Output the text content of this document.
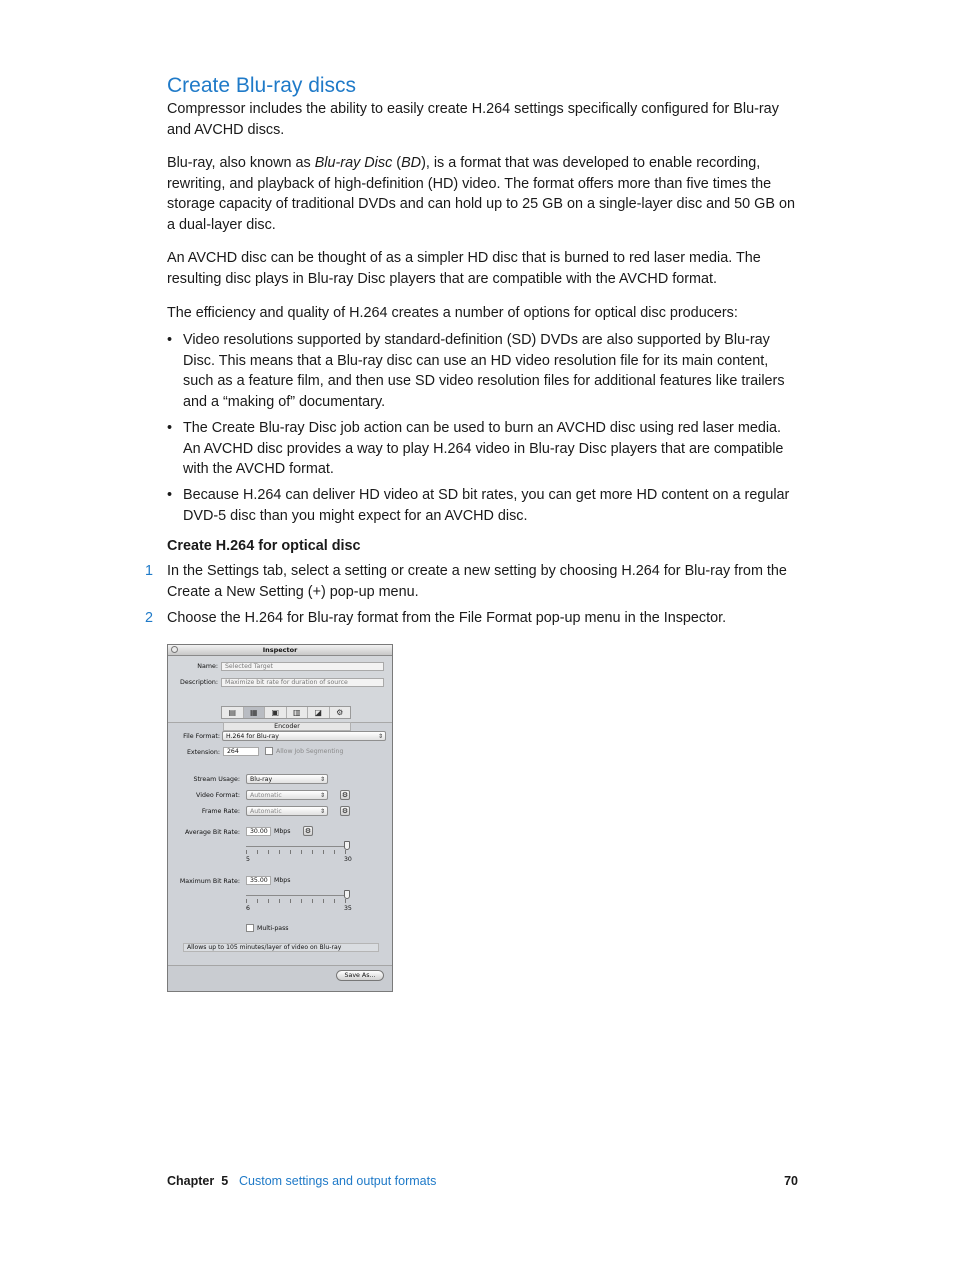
Create Blu-ray discs

Compressor includes the ability to easily create H.264 settings specifically configured for Blu-ray and AVCHD discs.

Blu-ray, also known as Blu-ray Disc (BD), is a format that was developed to enable recording, rewriting, and playback of high-definition (HD) video. The format offers more than five times the storage capacity of traditional DVDs and can hold up to 25 GB on a single-layer disc and 50 GB on a dual-layer disc.

An AVCHD disc can be thought of as a simpler HD disc that is burned to red laser media. The resulting disc plays in Blu-ray Disc players that are compatible with the AVCHD format.

The efficiency and quality of H.264 creates a number of options for optical disc producers:

• Video resolutions supported by standard-definition (SD) DVDs are also supported by Blu-ray Disc. This means that a Blu-ray disc can use an HD video resolution file for its main content, such as a feature film, and then use SD video resolution files for additional features like trailers and a “making of” documentary.
• The Create Blu-ray Disc job action can be used to burn an AVCHD disc using red laser media. An AVCHD disc provides a way to play H.264 video in Blu-ray Disc players that are compatible with the AVCHD format.
• Because H.264 can deliver HD video at SD bit rates, you can get more HD content on a regular DVD-5 disc than you might expect for an AVCHD disc.
Create H.264 for optical disc
1 In the Settings tab, select a setting or create a new setting by choosing H.264 for Blu-ray from the Create a New Setting (+) pop-up menu.
2 Choose the H.264 for Blu-ray format from the File Format pop-up menu in the Inspector.
Inspector
Name:	Selected Target
Description:	Maximize bit rate for duration of source
▤	▦	▣	▥	◪	⚙
Encoder
File Format: H.264 for Blu-ray	⇕
Extension:	264	Allow Job Segmenting
Stream Usage:	Blu-ray	⇕
Video Format:	Automatic	⇕ ⚙
Frame Rate:	Automatic	⇕ ⚙
Average Bit Rate:	30.00	Mbps ⚙
5	30
Maximum Bit Rate:	35.00	Mbps
6	35
Multi-pass
Allows up to 105 minutes/layer of video on Blu-ray
Save As...
Chapter 5 Custom settings and output formats	70
